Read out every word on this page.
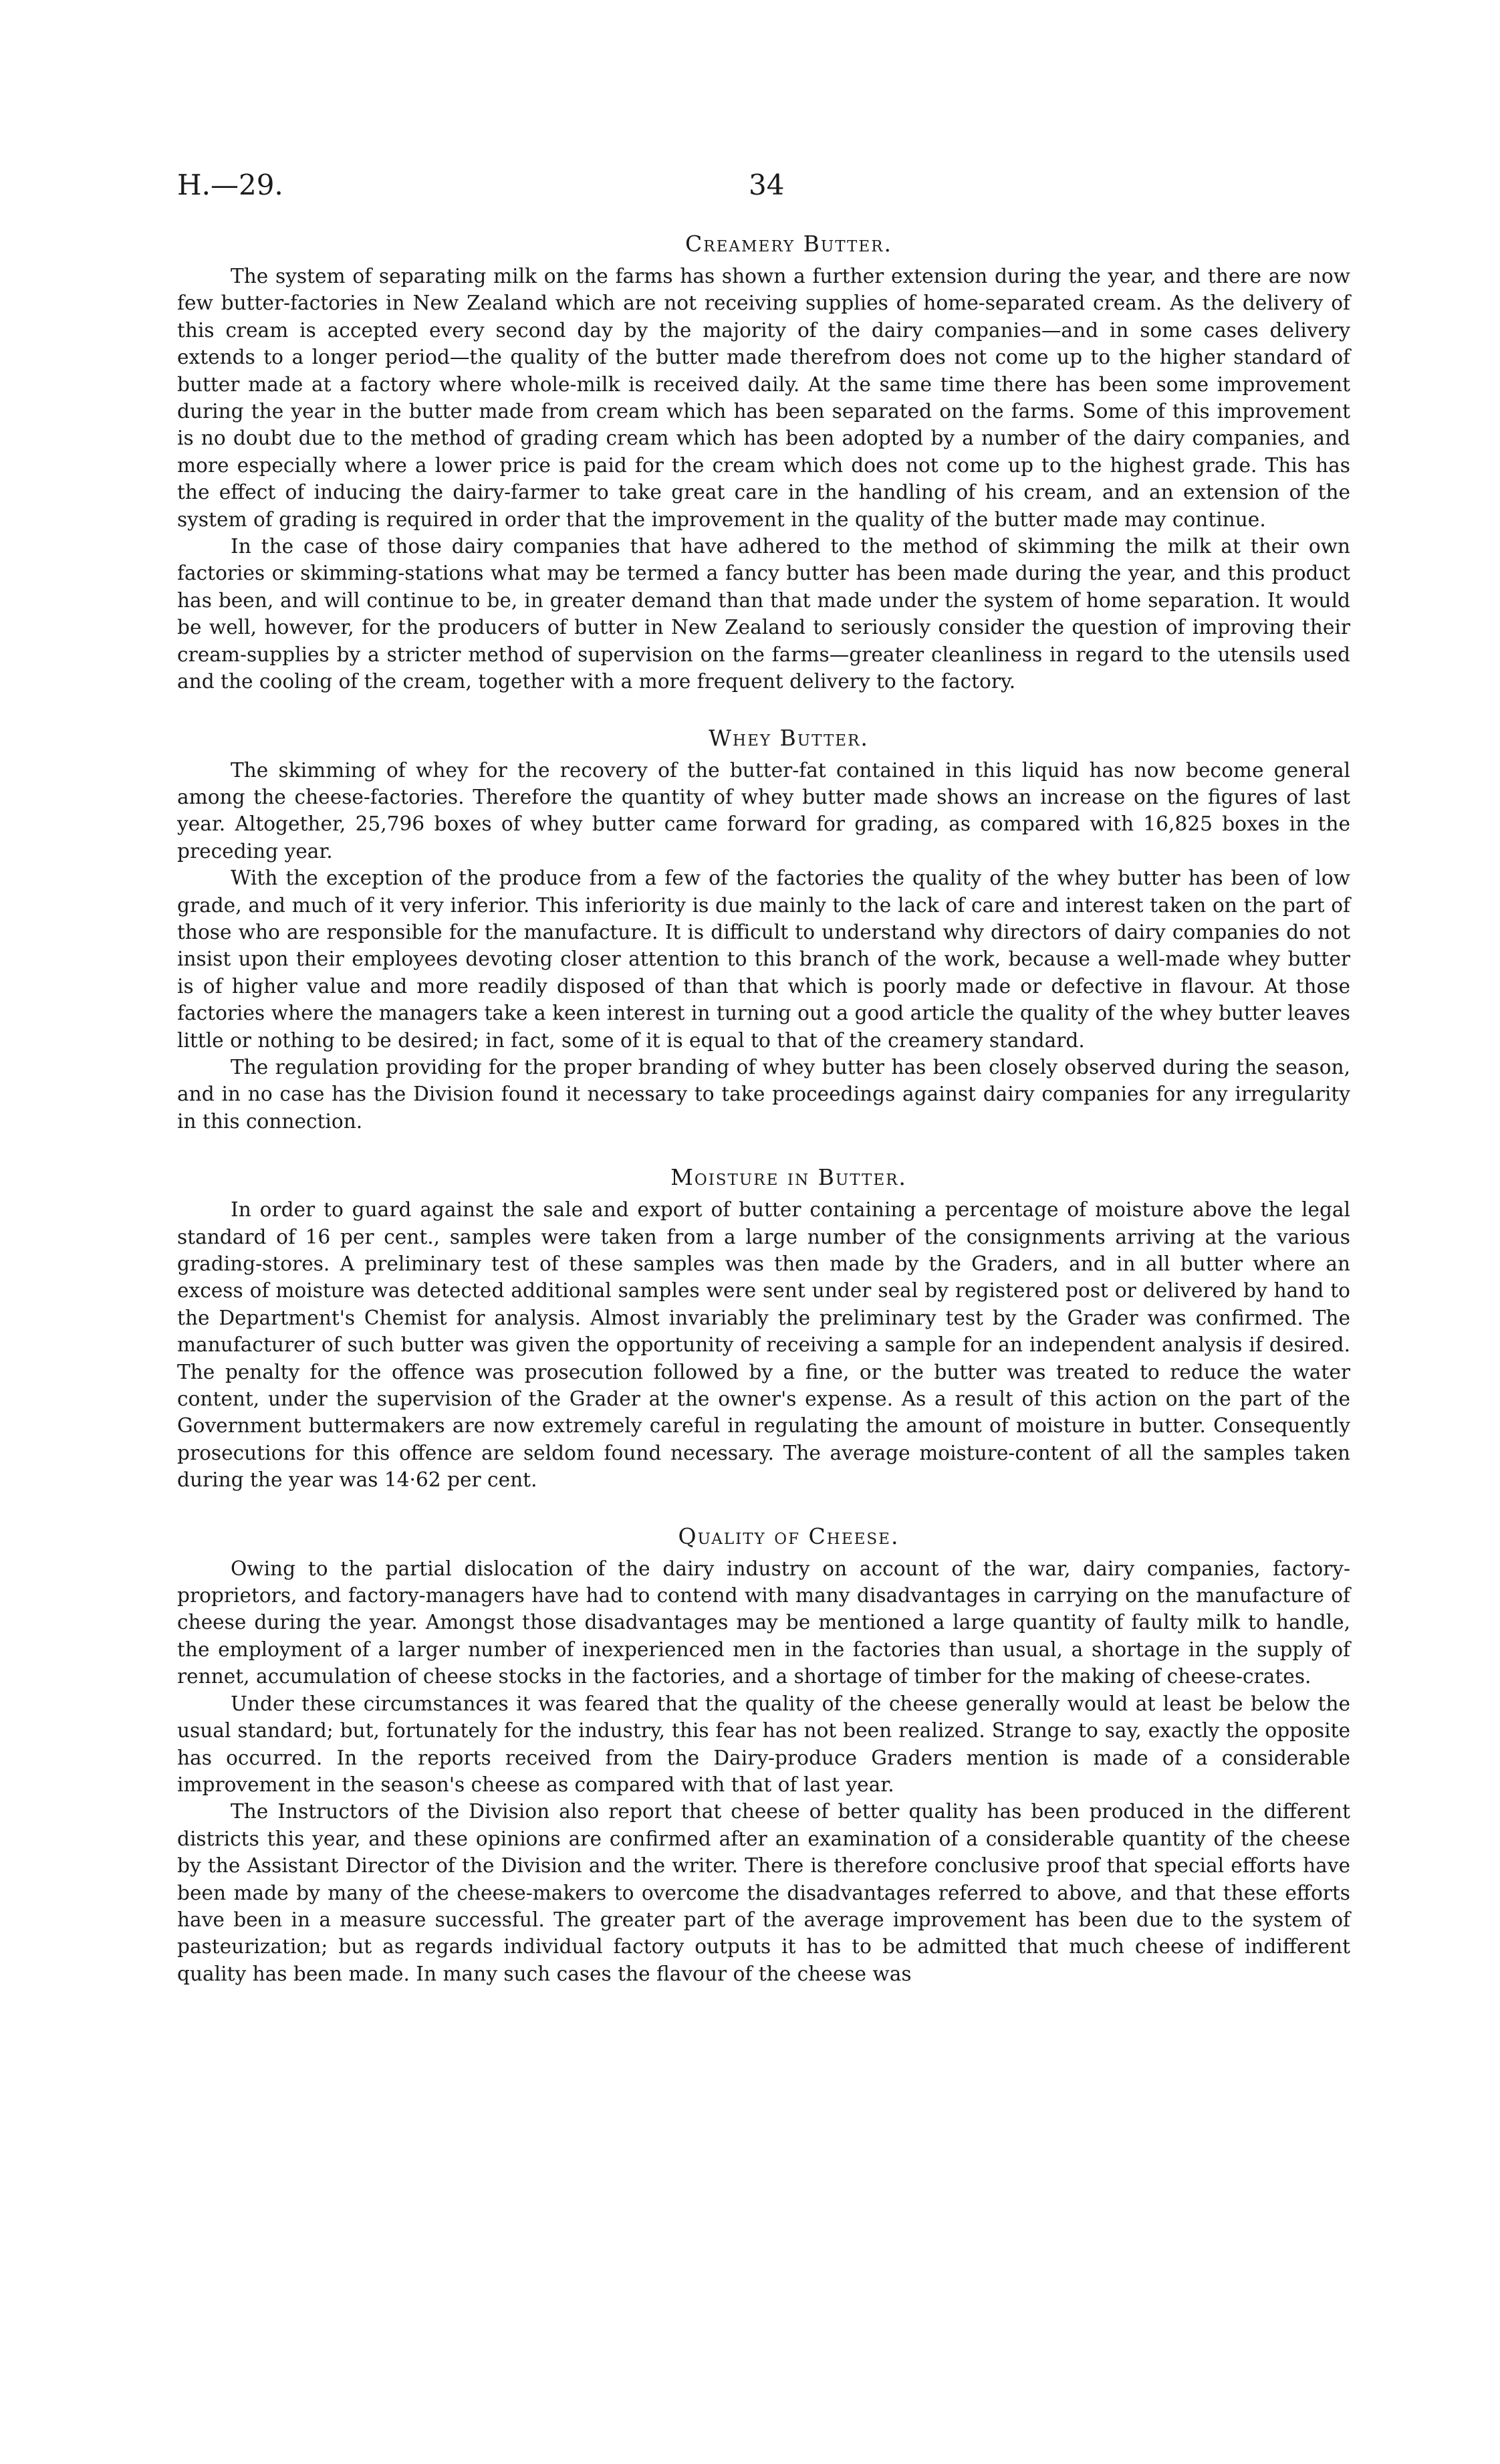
H.—29.	34
Creamery Butter.

The system of separating milk on the farms has shown a further extension during the year, and there are now few butter-factories in New Zealand which are not receiving supplies of home-separated cream. As the delivery of this cream is accepted every second day by the majority of the dairy companies—and in some cases delivery extends to a longer period—the quality of the butter made therefrom does not come up to the higher standard of butter made at a factory where whole-milk is received daily. At the same time there has been some improvement during the year in the butter made from cream which has been separated on the farms. Some of this improvement is no doubt due to the method of grading cream which has been adopted by a number of the dairy companies, and more especially where a lower price is paid for the cream which does not come up to the highest grade. This has the effect of inducing the dairy-farmer to take great care in the handling of his cream, and an extension of the system of grading is required in order that the improvement in the quality of the butter made may continue.

In the case of those dairy companies that have adhered to the method of skimming the milk at their own factories or skimming-stations what may be termed a fancy butter has been made during the year, and this product has been, and will continue to be, in greater demand than that made under the system of home separation. It would be well, however, for the producers of butter in New Zealand to seriously consider the question of improving their cream-supplies by a stricter method of supervision on the farms—greater cleanliness in regard to the utensils used and the cooling of the cream, together with a more frequent delivery to the factory.

Whey Butter.

The skimming of whey for the recovery of the butter-fat contained in this liquid has now become general among the cheese-factories. Therefore the quantity of whey butter made shows an increase on the figures of last year. Altogether, 25,796 boxes of whey butter came forward for grading, as compared with 16,825 boxes in the preceding year.

With the exception of the produce from a few of the factories the quality of the whey butter has been of low grade, and much of it very inferior. This inferiority is due mainly to the lack of care and interest taken on the part of those who are responsible for the manufacture. It is difficult to understand why directors of dairy companies do not insist upon their employees devoting closer attention to this branch of the work, because a well-made whey butter is of higher value and more readily disposed of than that which is poorly made or defective in flavour. At those factories where the managers take a keen interest in turning out a good article the quality of the whey butter leaves little or nothing to be desired; in fact, some of it is equal to that of the creamery standard.

The regulation providing for the proper branding of whey butter has been closely observed during the season, and in no case has the Division found it necessary to take proceedings against dairy companies for any irregularity in this connection.

Moisture in Butter.

In order to guard against the sale and export of butter containing a percentage of moisture above the legal standard of 16 per cent., samples were taken from a large number of the consignments arriving at the various grading-stores. A preliminary test of these samples was then made by the Graders, and in all butter where an excess of moisture was detected additional samples were sent under seal by registered post or delivered by hand to the Department's Chemist for analysis. Almost invariably the preliminary test by the Grader was confirmed. The manufacturer of such butter was given the opportunity of receiving a sample for an independent analysis if desired. The penalty for the offence was prosecution followed by a fine, or the butter was treated to reduce the water content, under the supervision of the Grader at the owner's expense. As a result of this action on the part of the Government buttermakers are now extremely careful in regulating the amount of moisture in butter. Consequently prosecutions for this offence are seldom found necessary. The average moisture-content of all the samples taken during the year was 14·62 per cent.

Quality of Cheese.

Owing to the partial dislocation of the dairy industry on account of the war, dairy companies, factory-proprietors, and factory-managers have had to contend with many disadvantages in carrying on the manufacture of cheese during the year. Amongst those disadvantages may be mentioned a large quantity of faulty milk to handle, the employment of a larger number of inexperienced men in the factories than usual, a shortage in the supply of rennet, accumulation of cheese stocks in the factories, and a shortage of timber for the making of cheese-crates.

Under these circumstances it was feared that the quality of the cheese generally would at least be below the usual standard; but, fortunately for the industry, this fear has not been realized. Strange to say, exactly the opposite has occurred. In the reports received from the Dairy-produce Graders mention is made of a considerable improvement in the season's cheese as compared with that of last year.

The Instructors of the Division also report that cheese of better quality has been produced in the different districts this year, and these opinions are confirmed after an examination of a considerable quantity of the cheese by the Assistant Director of the Division and the writer. There is therefore conclusive proof that special efforts have been made by many of the cheese-makers to overcome the disadvantages referred to above, and that these efforts have been in a measure successful. The greater part of the average improvement has been due to the system of pasteurization; but as regards individual factory outputs it has to be admitted that much cheese of indifferent quality has been made. In many such cases the flavour of the cheese was
